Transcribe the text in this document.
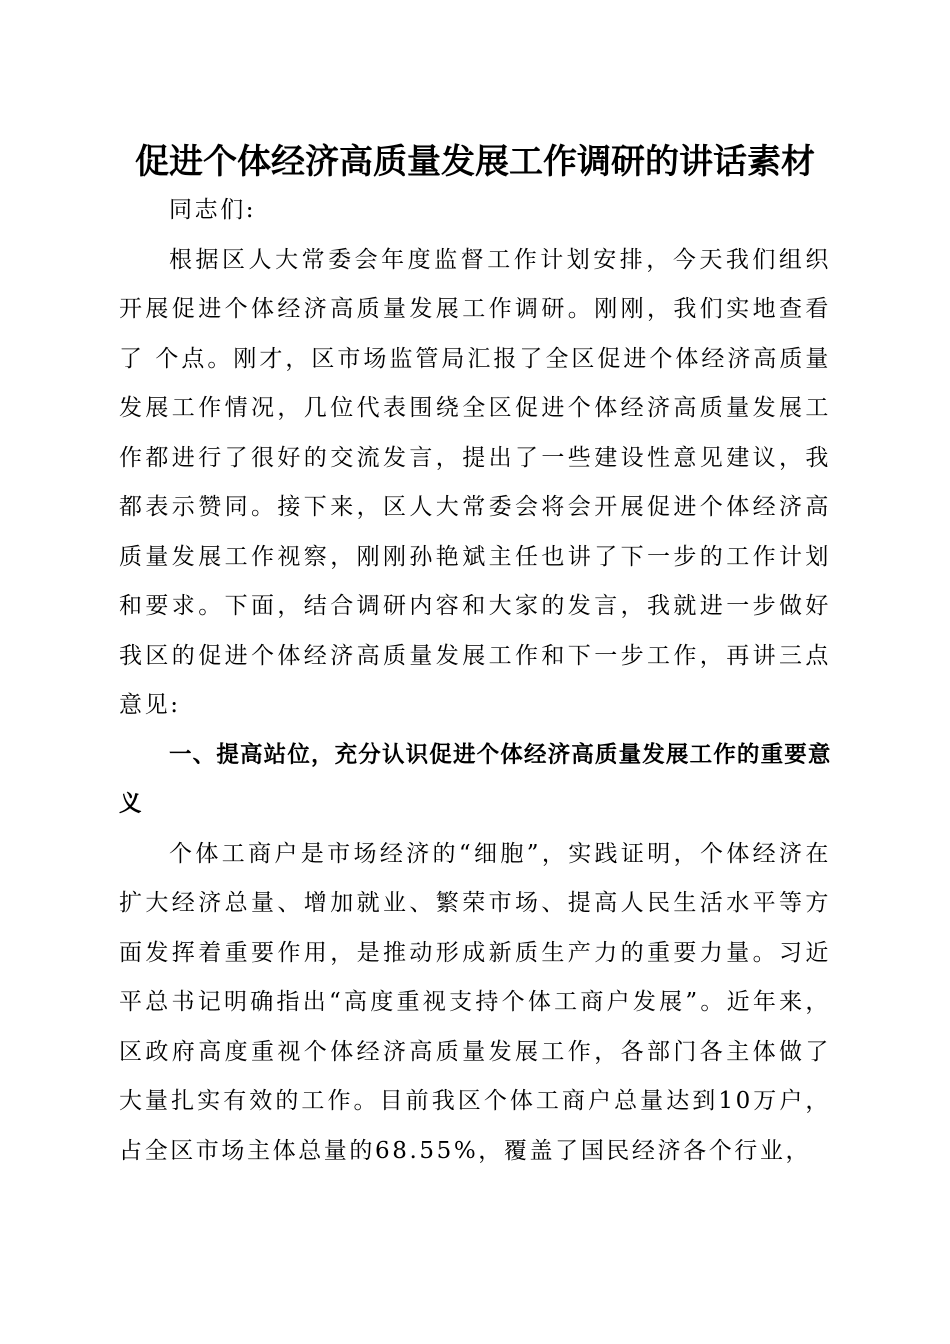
促进个体经济高质量发展工作调研的讲话素材

同志们:

根据区人大常委会年度监督工作计划安排，今天我们组织开展促进个体经济高质量发展工作调研。刚刚，我们实地查看了 个点。刚才，区市场监管局汇报了全区促进个体经济高质量发展工作情况，几位代表围绕全区促进个体经济高质量发展工作都进行了很好的交流发言，提出了一些建设性意见建议，我都表示赞同。接下来，区人大常委会将会开展促进个体经济高质量发展工作视察，刚刚孙艳斌主任也讲了下一步的工作计划和要求。下面，结合调研内容和大家的发言，我就进一步做好我区的促进个体经济高质量发展工作和下一步工作，再讲三点意见:

一、提高站位，充分认识促进个体经济高质量发展工作的重要意义

个体工商户是市场经济的“细胞”，实践证明，个体经济在扩大经济总量、增加就业、繁荣市场、提高人民生活水平等方面发挥着重要作用，是推动形成新质生产力的重要力量。习近平总书记明确指出“高度重视支持个体工商户发展”。近年来，区政府高度重视个体经济高质量发展工作，各部门各主体做了大量扎实有效的工作。目前我区个体工商户总量达到10万户，占全区市场主体总量的68.55%，覆盖了国民经济各个行业，
